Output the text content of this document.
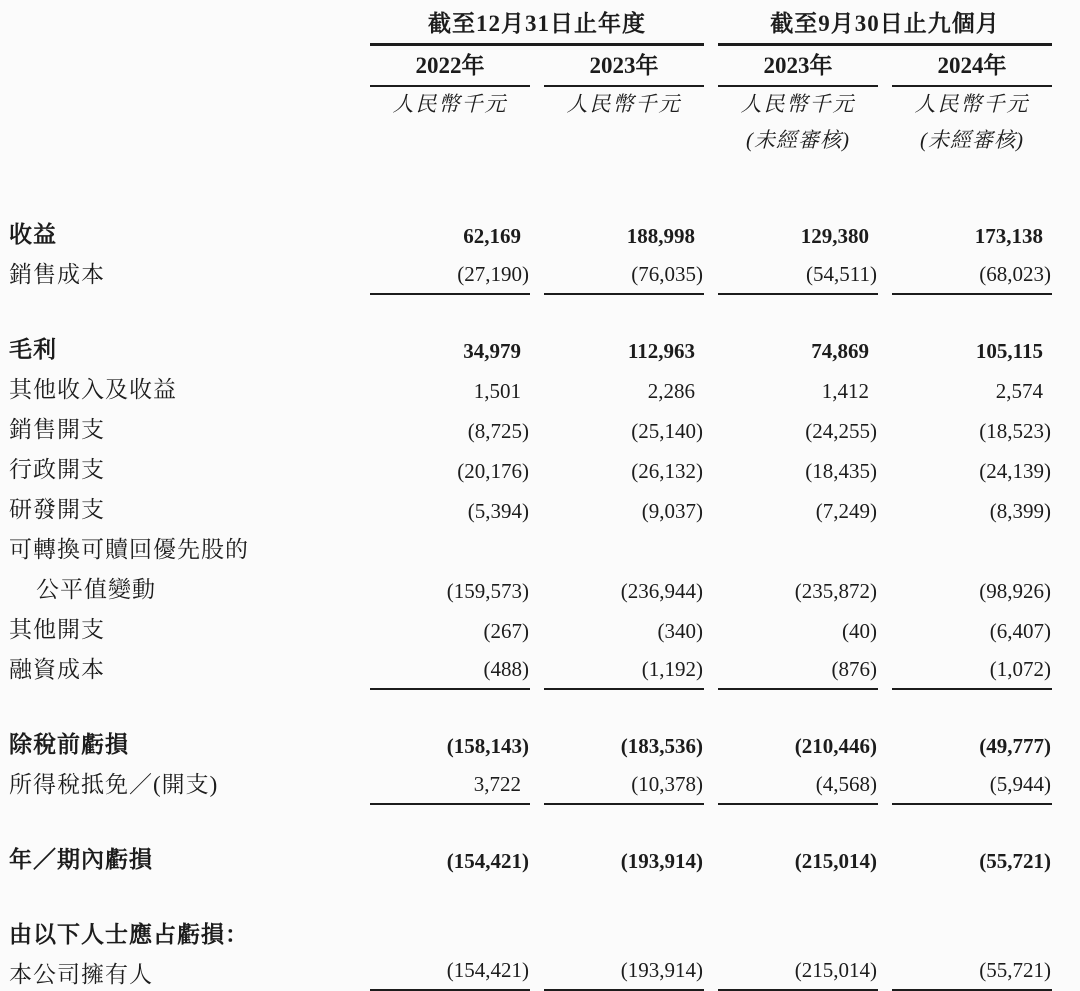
	截至12月31日止年度		截至9月30日止九個月	
	2022年	2023年	2023年	2024年
	人民幣千元	人民幣千元	人民幣千元	人民幣千元
			(未經審核)	(未經審核)

收益	62,169	188,998	129,380	173,138
銷售成本	(27,190)	(76,035)	(54,511)	(68,023)

毛利	34,979	112,963	74,869	105,115
其他收入及收益	1,501	2,286	1,412	2,574
銷售開支	(8,725)	(25,140)	(24,255)	(18,523)
行政開支	(20,176)	(26,132)	(18,435)	(24,139)
研發開支	(5,394)	(9,037)	(7,249)	(8,399)
可轉換可贖回優先股的				
公平值變動	(159,573)	(236,944)	(235,872)	(98,926)
其他開支	(267)	(340)	(40)	(6,407)
融資成本	(488)	(1,192)	(876)	(1,072)

除稅前虧損	(158,143)	(183,536)	(210,446)	(49,777)
所得稅抵免／(開支)	3,722	(10,378)	(4,568)	(5,944)

年／期內虧損	(154,421)	(193,914)	(215,014)	(55,721)

由以下人士應占虧損：				
本公司擁有人	(154,421)	(193,914)	(215,014)	(55,721)
